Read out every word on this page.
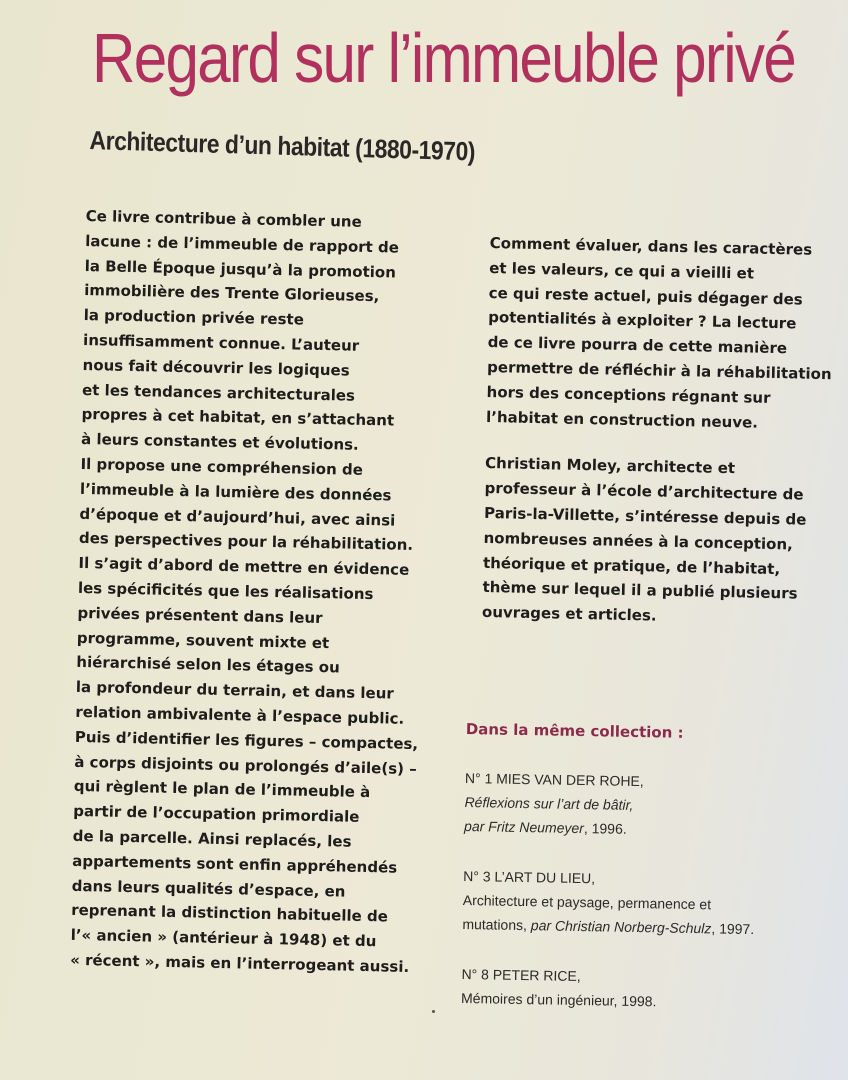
Regard sur l’immeuble privé
Architecture d’un habitat (1880-1970)
Ce livre contribue à combler une
lacune : de l’immeuble de rapport de
la Belle Époque jusqu’à la promotion
immobilière des Trente Glorieuses,
la production privée reste
insuffisamment connue. L’auteur
nous fait découvrir les logiques
et les tendances architecturales
propres à cet habitat, en s’attachant
à leurs constantes et évolutions.
Il propose une compréhension de
l’immeuble à la lumière des données
d’époque et d’aujourd’hui, avec ainsi
des perspectives pour la réhabilitation.
Il s’agit d’abord de mettre en évidence
les spécificités que les réalisations
privées présentent dans leur
programme, souvent mixte et
hiérarchisé selon les étages ou
la profondeur du terrain, et dans leur
relation ambivalente à l’espace public.
Puis d’identifier les figures – compactes,
à corps disjoints ou prolongés d’aile(s) –
qui règlent le plan de l’immeuble à
partir de l’occupation primordiale
de la parcelle. Ainsi replacés, les
appartements sont enfin appréhendés
dans leurs qualités d’espace, en
reprenant la distinction habituelle de
l’« ancien » (antérieur à 1948) et du
« récent », mais en l’interrogeant aussi.
Comment évaluer, dans les caractères
et les valeurs, ce qui a vieilli et
ce qui reste actuel, puis dégager des
potentialités à exploiter ? La lecture
de ce livre pourra de cette manière
permettre de réfléchir à la réhabilitation
hors des conceptions régnant sur
l’habitat en construction neuve.
Christian Moley, architecte et
professeur à l’école d’architecture de
Paris-la-Villette, s’intéresse depuis de
nombreuses années à la conception,
théorique et pratique, de l’habitat,
thème sur lequel il a publié plusieurs
ouvrages et articles.
Dans la même collection :
N° 1 MIES VAN DER ROHE,
Réflexions sur l’art de bâtir,
par Fritz Neumeyer, 1996.
N° 3 L’ART DU LIEU,
Architecture et paysage, permanence et
mutations, par Christian Norberg-Schulz, 1997.
N° 8 PETER RICE,
Mémoires d’un ingénieur, 1998.
